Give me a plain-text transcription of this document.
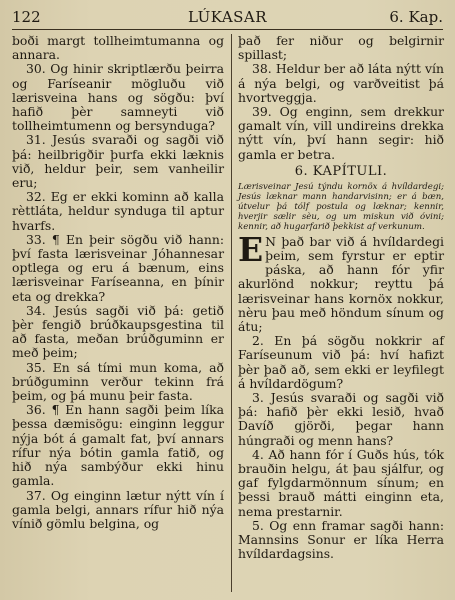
122	LÚKASAR	6. Kap.

boði margt tollheimtumanna og annara.

30. Og hinir skriptlærðu þeirra og Faríseanir mögluðu við lærisveina hans og sögðu: því hafið þèr samneyti við tollheimtumenn og bersyndugа?

31. Jesús svaraði og sagði við þá: heilbrigðir þurfa ekki læknis við, heldur þeir, sem vanheilir eru;

32. Eg er ekki kominn að kalla rèttláta, heldur syndugа til aptur hvarfs.

33. ¶ En þeir sögðu við hann: því fasta lærisveinar Jóhannesar optlega og eru á bænum, eins lærisveinar Faríseanna, en þínir eta og drekka?

34. Jesús sagði við þá: getið þèr fengið brúðkaupsgestina til að fasta, meðan brúðguminn er með þeim;

35. En sá tími mun koma, að brúðguminn verður tekinn frá þeim, og þá munu þeir fasta.

36. ¶ En hann sagði þeim líka þessa dæmisögu: einginn leggur nýja bót á gamalt fat, því annars rífur nýa bótin gamla fatið, og hið nýa sambýður ekki hinu gamla.

37. Og einginn lætur nýtt vín í gamla belgi, annars rífur hið nýa vínið gömlu belgina, og

það fer niður og belgirnir spillast;

38. Heldur ber að láta nýtt vín á nýa belgi, og varðveitist þá hvortveggja.

39. Og enginn, sem drekkur gamalt vín, vill undireins drekka nýtt vín, því hann segir: hið gamla er betra.

6. KAPÍTULI.

Lærisveinar Jesú týndu kornöx á hvíldardegi; Jesús læknar mann handarvisinn; er á bæn, útvelur þá tólf postula og læknar; kennir, hverjir sælir sèu, og um miskun við óvini; kennir, að hugarfarið þekkist af verkunum.

E N það bar við á hvíldardegi þeim, sem fyrstur er eptir páska, að hann fór yfir akurlönd nokkur; reyttu þá lærisveinar hans kornöx nokkur, nèru þau með höndum sínum og átu;

2. En þá sögðu nokkrir af Faríseunum við þá: hví hafizt þèr það að, sem ekki er leyfilegt á hvíldardögum?

3. Jesús svaraði og sagði við þá: hafið þèr ekki lesið, hvað Davíð gjörði, þegar hann húngraði og menn hans?

4. Að hann fór í Guðs hús, tók brauðin helgu, át þau sjálfur, og gaf fylgdarmönnum sínum; en þessi brauð mátti einginn eta, nema prestarnir.

5. Og enn framar sagði hann: Mannsins Sonur er líka Herra hvíldardagsins.
